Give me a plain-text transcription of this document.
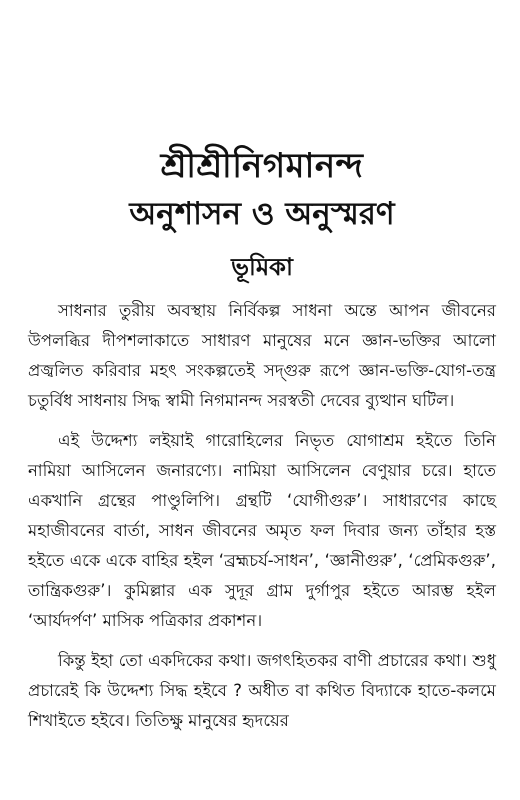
শ্রীশ্রীনিগমানন্দ
অনুশাসন ও অনুস্মরণ
ভূমিকা

সাধনার তুরীয় অবস্থায় নির্বিকল্প সাধনা অন্তে আপন জীবনের উপলব্ধির দীপশলাকাতে সাধারণ মানুষের মনে জ্ঞান-ভক্তির আলো প্রজ্বলিত করিবার মহৎ সংকল্পতেই সদ্গুরু রূপে জ্ঞান-ভক্তি-যোগ-তন্ত্র চতুর্বিধ সাধনায় সিদ্ধ স্বামী নিগমানন্দ সরস্বতী দেবের ব্যুত্থান ঘটিল।

এই উদ্দেশ্য লইয়াই গারোহিলের নিভৃত যোগাশ্রম হইতে তিনি নামিয়া আসিলেন জনারণ্যে। নামিয়া আসিলেন বেণুয়ার চরে। হাতে একখানি গ্রন্থের পাণ্ডুলিপি। গ্রন্থটি ‘যোগীগুরু’। সাধারণের কাছে মহাজীবনের বার্তা, সাধন জীবনের অমৃত ফল দিবার জন্য তাঁহার হস্ত হইতে একে একে বাহির হইল ‘ব্রহ্মচর্য-সাধন’, ‘জ্ঞানীগুরু’, ‘প্রেমিকগুরু’, তান্ত্রিকগুরু’। কুমিল্লার এক সুদূর গ্রাম দুর্গাপুর হইতে আরম্ভ হইল ‘আর্যদর্পণ’ মাসিক পত্রিকার প্রকাশন।

কিন্তু ইহা তো একদিকের কথা। জগৎহিতকর বাণী প্রচারের কথা। শুধু প্রচারেই কি উদ্দেশ্য সিদ্ধ হইবে ? অধীত বা কথিত বিদ্যাকে হাতে-কলমে শিখাইতে হইবে। তিতিক্ষু মানুষের হৃদয়ের
